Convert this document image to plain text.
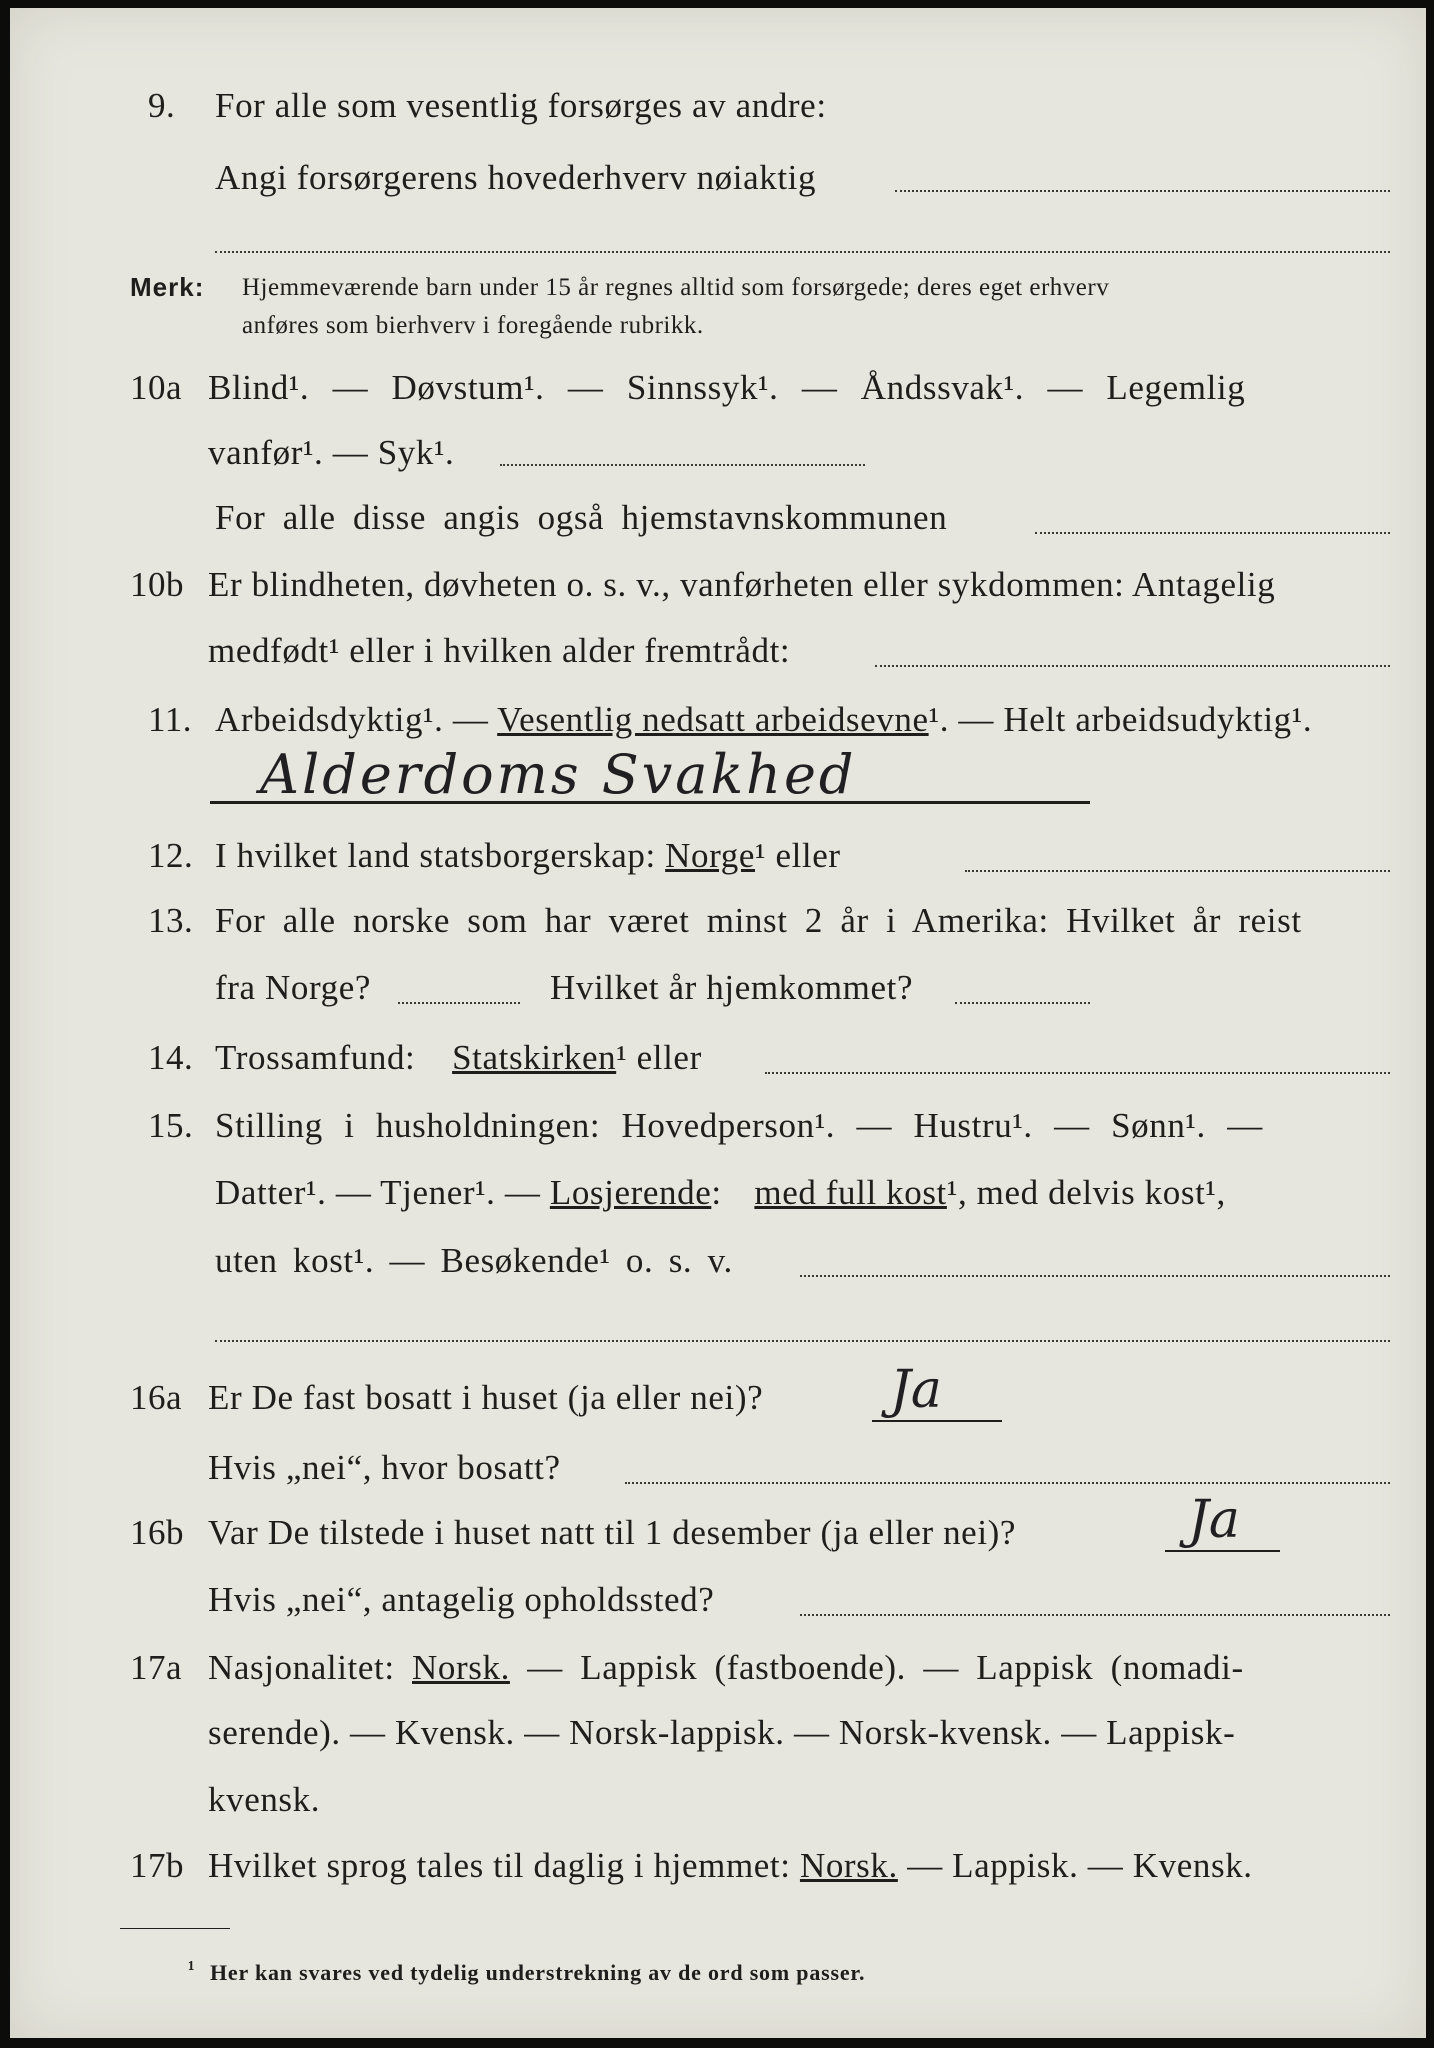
9. For alle som vesentlig forsørges av andre:
Angi forsørgerens hovederhverv nøiaktig
Merk: Hjemmeværende barn under 15 år regnes alltid som forsørgede; deres eget erhverv
anføres som bierhverv i foregående rubrikk.
10a Blind¹. — Døvstum¹. — Sinnssyk¹. — Åndssvak¹. — Legemlig
vanfør¹. — Syk¹.
For alle disse angis også hjemstavnskommunen
10b Er blindheten, døvheten o. s. v., vanførheten eller sykdommen: Antagelig
medfødt¹ eller i hvilken alder fremtrådt:
11. Arbeidsdyktig¹. — Vesentlig nedsatt arbeidsevne¹. — Helt arbeidsudyktig¹.
Alderdoms Svakhed
12. I hvilket land statsborgerskap: Norge¹ eller
13. For alle norske som har været minst 2 år i Amerika: Hvilket år reist
fra Norge?	Hvilket år hjemkommet?
14. Trossamfund: Statskirken¹ eller
15. Stilling i husholdningen: Hovedperson¹. — Hustru¹. — Sønn¹. —
Datter¹. — Tjener¹. — Losjerende: med full kost¹, med delvis kost¹,
uten kost¹. — Besøkende¹ o. s. v.
16a Er De fast bosatt i huset (ja eller nei)? Ja
Hvis „nei“, hvor bosatt?
16b Var De tilstede i huset natt til 1 desember (ja eller nei)?	Ja
Hvis „nei“, antagelig opholdssted?
17a Nasjonalitet: Norsk. — Lappisk (fastboende). — Lappisk (nomadi-
serende). — Kvensk. — Norsk-lappisk. — Norsk-kvensk. — Lappisk-
kvensk.
17b Hvilket sprog tales til daglig i hjemmet: Norsk. — Lappisk. — Kvensk.
¹ Her kan svares ved tydelig understrekning av de ord som passer.
